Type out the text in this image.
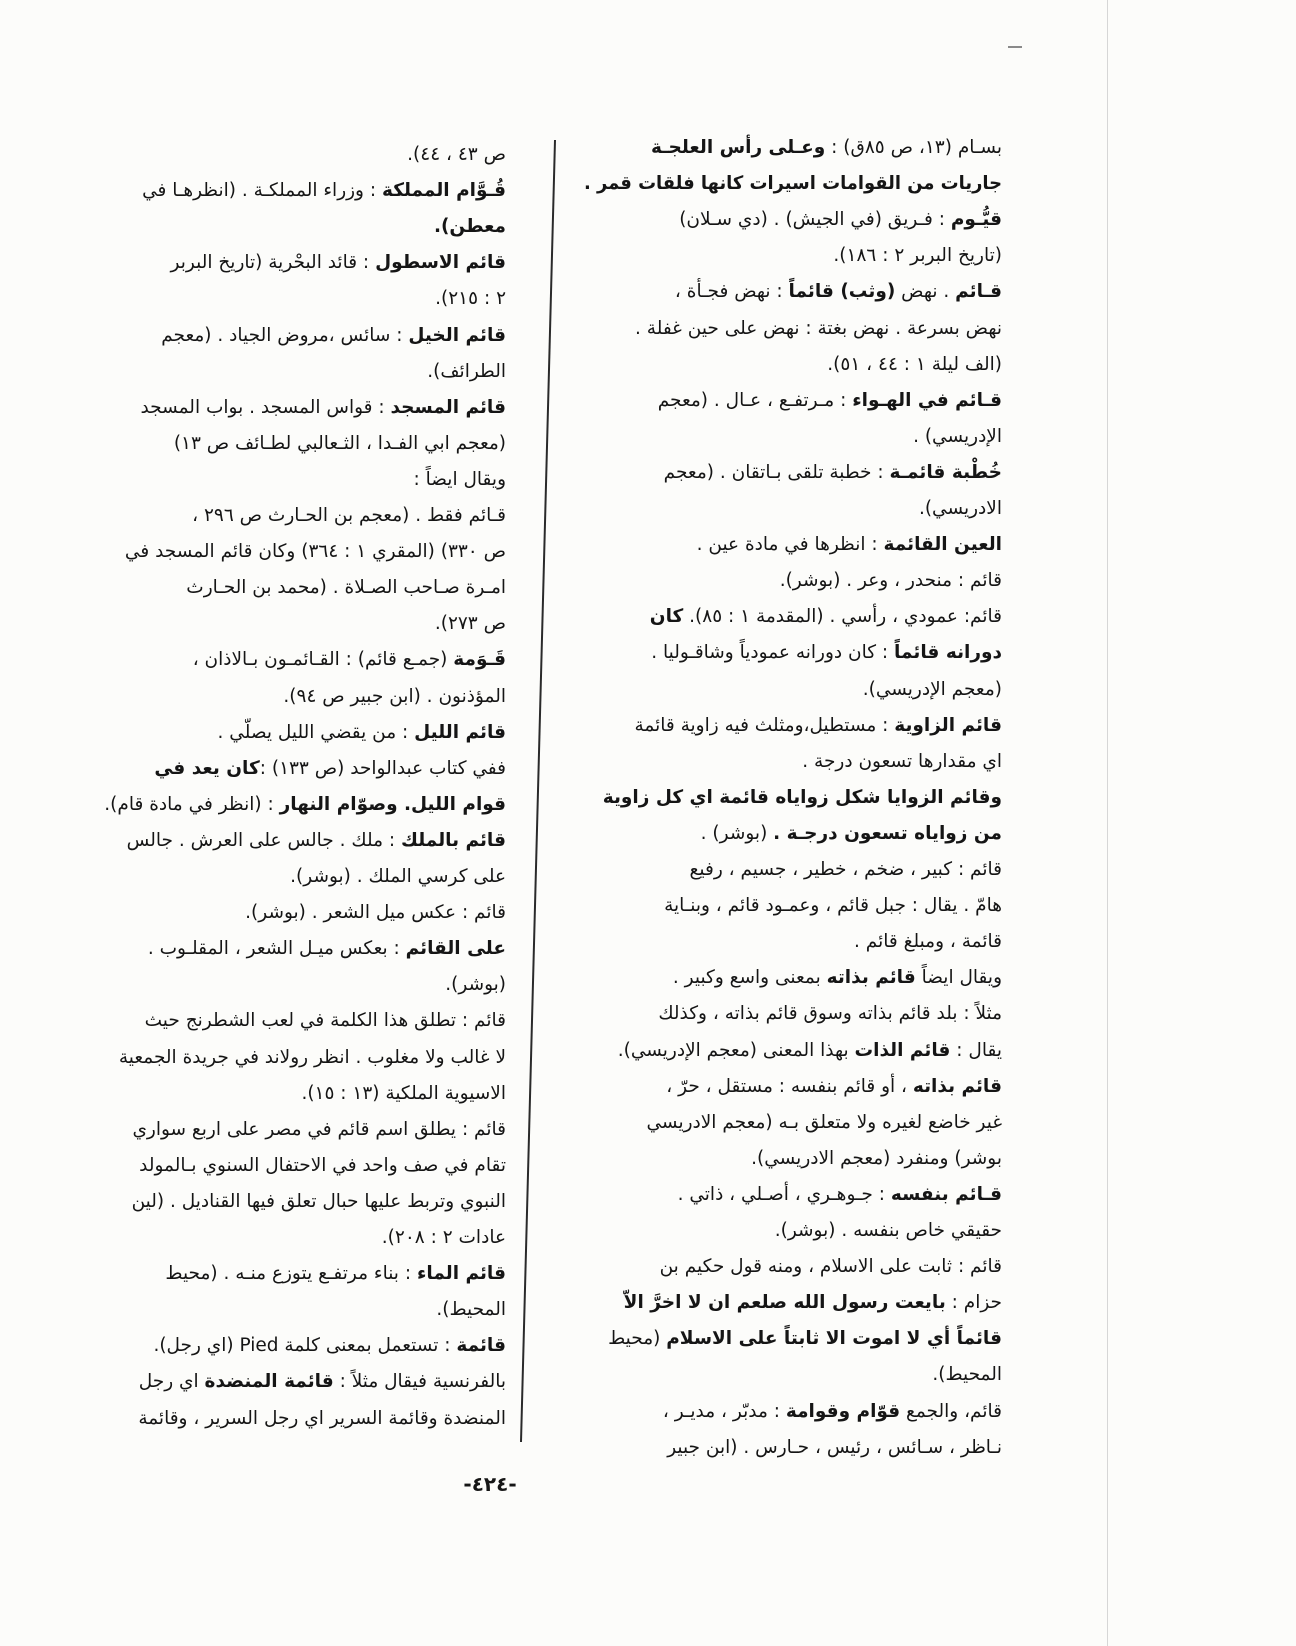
بسـام (١٣، ص ٨٥ق) : وعـلى رأس العلجـة
جاريات من القوامات اسيرات كانها فلقات قمر .
قيُّـوم : فـريق (في الجيش) . (دي سـلان)
(تاريخ البربر ٢ : ١٨٦).
قـائم . نهض (وثب) قائماً : نهض فجـأة ،
نهض بسرعة . نهض بغتة : نهض على حين غفلة .
(الف ليلة ١ : ٤٤ ، ٥١).
قـائم في الهـواء : مـرتفـع ، عـال . (معجم
الإدريسي) .
خُطْبة قائمـة : خطبة تلقى بـاتقان . (معجم
الادريسي).
العين القائمة : انظرها في مادة عين .
قائم : منحدر ، وعر . (بوشر).
قائم: عمودي ، رأسي . (المقدمة ١ : ٨٥). كان
دورانه قائماً : كان دورانه عمودياً وشاقـوليا .
(معجم الإدريسي).
قائم الزاوية : مستطيل،ومثلث فيه زاوية قائمة
اي مقدارها تسعون درجة .
وقائم الزوايا شكل زواياه قائمة اي كل زاوية
من زواياه تسعون درجـة . (بوشر) .
قائم : كبير ، ضخم ، خطير ، جسيم ، رفيع
هامّ . يقال : جبل قائم ، وعمـود قائم ، وبنـاية
قائمة ، ومبلغ قائم .
ويقال ايضاً قائم بذاته بمعنى واسع وكبير .
مثلاً : بلد قائم بذاته وسوق قائم بذاته ، وكذلك
يقال : قائم الذات بهذا المعنى (معجم الإدريسي).
قائم بذاته ، أو قائم بنفسه : مستقل ، حرّ ،
غير خاضع لغيره ولا متعلق بـه (معجم الادريسي
بوشر) ومنفرد (معجم الادريسي).
قـائم بنفسه : جـوهـري ، أصـلي ، ذاتي .
حقيقي خاص بنفسه . (بوشر).
قائم : ثابت على الاسلام ، ومنه قول حكيم بن
حزام : بايعت رسول الله صلعم ان لا اخرَّ الاّ
قائماً أي لا اموت الا ثابتاً على الاسلام (محيط
المحيط).
قائم، والجمع قوّام وقوامة : مدبّر ، مديـر ،
نـاظر ، سـائس ، رئيس ، حـارس . (ابن جبير
ص ٤٣ ، ٤٤).
قُـوَّام المملكة : وزراء المملكـة . (انظرهـا في
معطن).
قائم الاسطول : قائد البحْرية (تاريخ البربر
٢ : ٢١٥).
قائم الخيل : سائس ،مروض الجياد . (معجم
الطرائف).
قائم المسجد : قواس المسجد . بواب المسجد
(معجم ابي الفـدا ، الثـعالبي لطـائف ص ١٣)
ويقال ايضاً :
قـائم فقط . (معجم بن الحـارث ص ٢٩٦ ،
ص ٣٣٠) (المقري ١ : ٣٦٤) وكان قائم المسجد في
امـرة صـاحب الصـلاة . (محمد بن الحـارث
ص ٢٧٣).
قَـوَمة (جمـع قائم) : القـائمـون بـالاذان ،
المؤذنون . (ابن جبير ص ٩٤).
قائم الليل : من يقضي الليل يصلّي .
ففي كتاب عبدالواحد (ص ١٣٣) :كان يعد في
قوام الليل. وصوّام النهار : (انظر في مادة قام).
قائم بالملك : ملك . جالس على العرش . جالس
على كرسي الملك . (بوشر).
قائم : عكس ميل الشعر . (بوشر).
على القائم : بعكس ميـل الشعر ، المقلـوب .
(بوشر).
قائم : تطلق هذا الكلمة في لعب الشطرنج حيث
لا غالب ولا مغلوب . انظر رولاند في جريدة الجمعية
الاسيوية الملكية (١٣ : ١٥).
قائم : يطلق اسم قائم في مصر على اربع سواري
تقام في صف واحد في الاحتفال السنوي بـالمولد
النبوي وتربط عليها حبال تعلق فيها القناديل . (لين
عادات ٢ : ٢٠٨).
قائم الماء : بناء مرتفـع يتوزع منـه . (محيط
المحيط).
قائمة : تستعمل بمعنى كلمة Pied (اي رجل).
بالفرنسية فيقال مثلاً : قائمة المنضدة اي رجل
المنضدة وقائمة السرير اي رجل السرير ، وقائمة
-٤٢٤-
